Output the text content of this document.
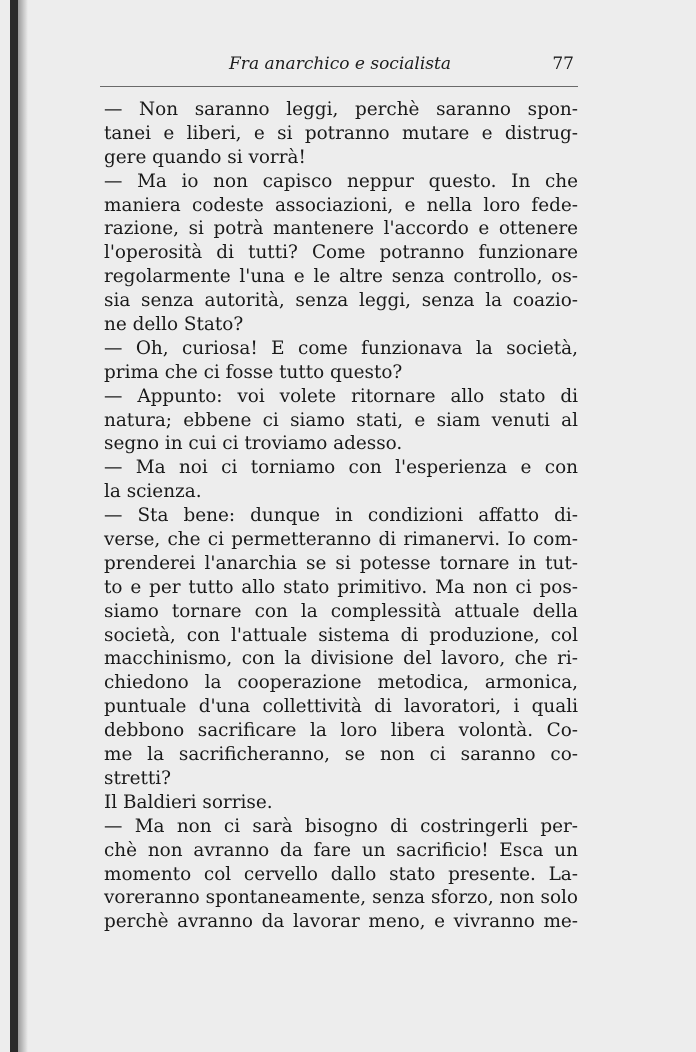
Fra anarchico e socialista	77
— Non saranno leggi, perchè saranno spon-
tanei e liberi, e si potranno mutare e distrug-
gere quando si vorrà!
— Ma io non capisco neppur questo. In che
maniera codeste associazioni, e nella loro fede-
razione, si potrà mantenere l'accordo e ottenere
l'operosità di tutti? Come potranno funzionare
regolarmente l'una e le altre senza controllo, os-
sia senza autorità, senza leggi, senza la coazio-
ne dello Stato?
— Oh, curiosa! E come funzionava la società,
prima che ci fosse tutto questo?
— Appunto: voi volete ritornare allo stato di
natura; ebbene ci siamo stati, e siam venuti al
segno in cui ci troviamo adesso.
— Ma noi ci torniamo con l'esperienza e con
la scienza.
— Sta bene: dunque in condizioni affatto di-
verse, che ci permetteranno di rimanervi. Io com-
prenderei l'anarchia se si potesse tornare in tut-
to e per tutto allo stato primitivo. Ma non ci pos-
siamo tornare con la complessità attuale della
società, con l'attuale sistema di produzione, col
macchinismo, con la divisione del lavoro, che ri-
chiedono la cooperazione metodica, armonica,
puntuale d'una collettività di lavoratori, i quali
debbono sacrificare la loro libera volontà. Co-
me la sacrificheranno, se non ci saranno co-
stretti?
Il Baldieri sorrise.
— Ma non ci sarà bisogno di costringerli per-
chè non avranno da fare un sacrificio! Esca un
momento col cervello dallo stato presente. La-
voreranno spontaneamente, senza sforzo, non solo
perchè avranno da lavorar meno, e vivranno me-
